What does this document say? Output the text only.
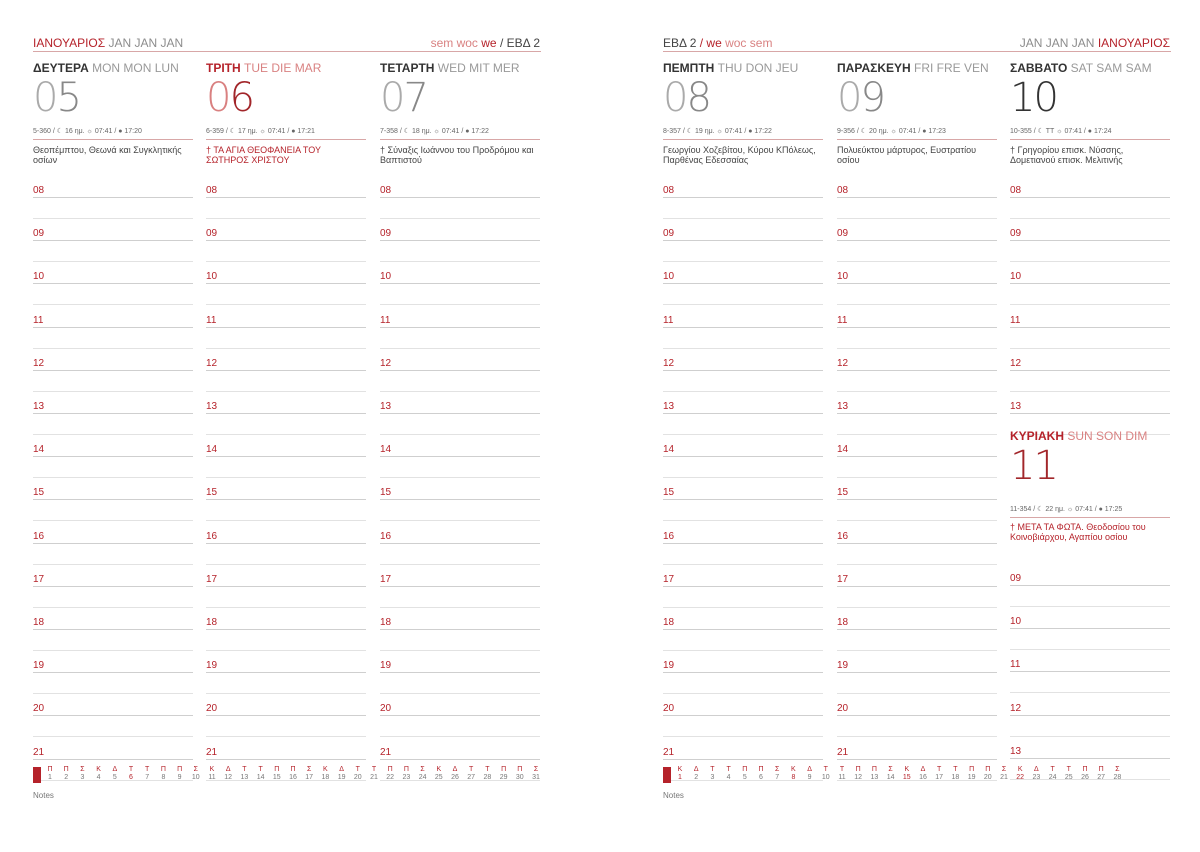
ΙΑΝΟΥΑΡΙΟΣ JAN JAN JAN	sem woc we / ΕΒΔ 2
ΔΕΥΤΕΡΑ MON MON LUN
05
5-360 / ☾ 16 ημ. ☼ 07:41 / ● 17:20
Θεοπέμπτου, Θεωνά και Συγκλητικής οσίων
08
09
10
11
12
13
14
15
16
17
18
19
20
21
ΤΡΙΤΗ TUE DIE MAR
06
6-359 / ☾ 17 ημ. ☼ 07:41 / ● 17:21
† ΤΑ ΑΓΙΑ ΘΕΟΦΑΝΕΙΑ ΤΟΥ ΣΩΤΗΡΟΣ ΧΡΙΣΤΟΥ
08
09
10
11
12
13
14
15
16
17
18
19
20
21
ΤΕΤΑΡΤΗ WED MIT MER
07
7-358 / ☾ 18 ημ. ☼ 07:41 / ● 17:22
† Σύναξις Ιωάννου του Προδρόμου και Βαπτιστού
08
09
10
11
12
13
14
15
16
17
18
19
20
21
Π
1
Π
2
Σ
3
Κ
4
Δ
5
Τ
6
Τ
7
Π
8
Π
9
Σ
10
Κ
11
Δ
12
Τ
13
Τ
14
Π
15
Π
16
Σ
17
Κ
18
Δ
19
Τ
20
Τ
21
Π
22
Π
23
Σ
24
Κ
25
Δ
26
Τ
27
Τ
28
Π
29
Π
30
Σ
31
Notes
ΕΒΔ 2 / we woc sem	JAN JAN JAN ΙΑΝΟΥΑΡΙΟΣ
ΠΕΜΠΤΗ THU DON JEU
08
8-357 / ☾ 19 ημ. ☼ 07:41 / ● 17:22
Γεωργίου Χοζεβίτου, Κύρου ΚΠόλεως, Παρθένας Εδεσσαίας
ΠΑΡΑΣΚΕΥΗ FRI FRE VEN
09
9-356 / ☾ 20 ημ. ☼ 07:41 / ● 17:23
Πολυεύκτου μάρτυρος, Ευστρατίου οσίου
ΣΑΒΒΑΤΟ SAT SAM SAM
10
10-355 / ☾ ΤΤ ☼ 07:41 / ● 17:24
† Γρηγορίου επισκ. Νύσσης, Δομετιανού επισκ. Μελιτινής
08
09
10
11
12
13
14
15
16
17
18
19
20
21
08
09
10
11
12
13
14
15
16
17
18
19
20
21
08
09
10
11
12
13
ΚΥΡΙΑΚΗ SUN SON DIM
11
11-354 / ☾ 22 ημ. ☼ 07:41 / ● 17:25
† ΜΕΤΑ ΤΑ ΦΩΤΑ. Θεοδοσίου του Κοινοβιάρχου, Αγαπίου οσίου
09
10
11
12
13
Κ
1
Δ
2
Τ
3
Τ
4
Π
5
Π
6
Σ
7
Κ
8
Δ
9
Τ
10
Τ
11
Π
12
Π
13
Σ
14
Κ
15
Δ
16
Τ
17
Τ
18
Π
19
Π
20
Σ
21
Κ
22
Δ
23
Τ
24
Τ
25
Π
26
Π
27
Σ
28
Notes
